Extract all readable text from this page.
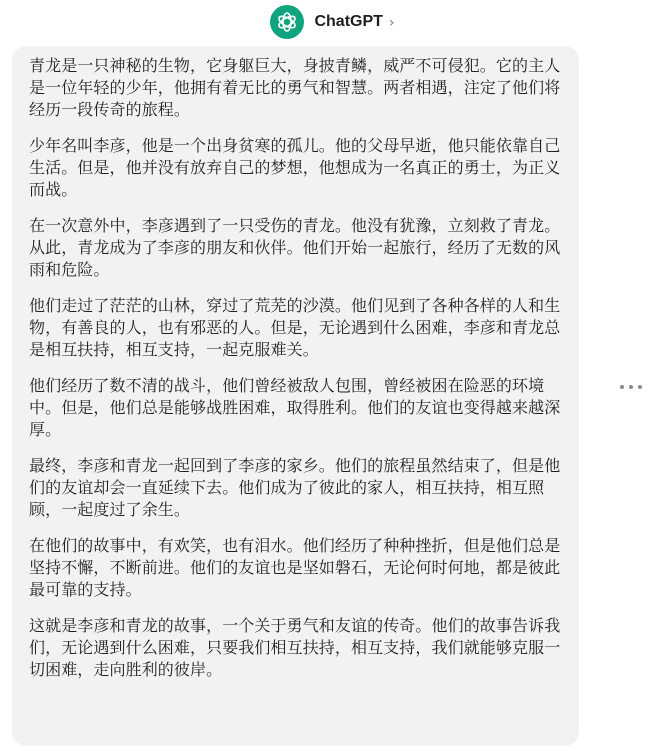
ChatGPT ›

青龙是一只神秘的生物，它身躯巨大，身披青鳞，威严不可侵犯。它的主人是一位年轻的少年，他拥有着无比的勇气和智慧。两者相遇，注定了他们将经历一段传奇的旅程。

少年名叫李彦，他是一个出身贫寒的孤儿。他的父母早逝，他只能依靠自己生活。但是，他并没有放弃自己的梦想，他想成为一名真正的勇士，为正义而战。

在一次意外中，李彦遇到了一只受伤的青龙。他没有犹豫，立刻救了青龙。从此，青龙成为了李彦的朋友和伙伴。他们开始一起旅行，经历了无数的风雨和危险。

他们走过了茫茫的山林，穿过了荒芜的沙漠。他们见到了各种各样的人和生物，有善良的人，也有邪恶的人。但是，无论遇到什么困难，李彦和青龙总是相互扶持，相互支持，一起克服难关。

他们经历了数不清的战斗，他们曾经被敌人包围，曾经被困在险恶的环境中。但是，他们总是能够战胜困难，取得胜利。他们的友谊也变得越来越深厚。

最终，李彦和青龙一起回到了李彦的家乡。他们的旅程虽然结束了，但是他们的友谊却会一直延续下去。他们成为了彼此的家人，相互扶持，相互照顾，一起度过了余生。

在他们的故事中，有欢笑，也有泪水。他们经历了种种挫折，但是他们总是坚持不懈，不断前进。他们的友谊也是坚如磐石，无论何时何地，都是彼此最可靠的支持。

这就是李彦和青龙的故事，一个关于勇气和友谊的传奇。他们的故事告诉我们，无论遇到什么困难，只要我们相互扶持，相互支持，我们就能够克服一切困难，走向胜利的彼岸。
